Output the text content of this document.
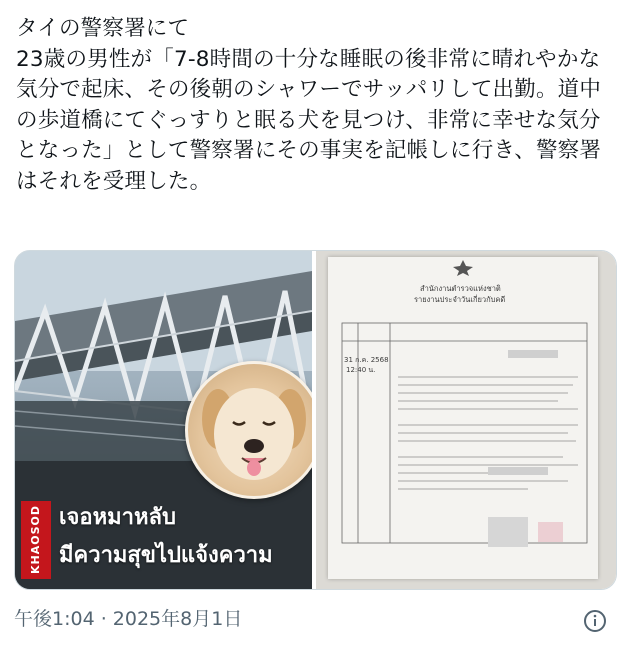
タイの警察署にて
23歳の男性が「7-8時間の十分な睡眠の後非常に晴れやかな気分で起床、その後朝のシャワーでサッパリして出勤。道中の歩道橋にてぐっすりと眠る犬を見つけ、非常に幸せな気分となった」として警察署にその事実を記帳しに行き、警察署はそれを受理した。
KHAOSOD เจอหมาหลับ
มีความสุขไปแจ้งความ
สำนักงานตำรวจแห่งชาติ
รายงานประจำวันเกี่ยวกับคดี
31 ก.ค. 2568
12:40 น.
午後1:04 · 2025年8月1日
